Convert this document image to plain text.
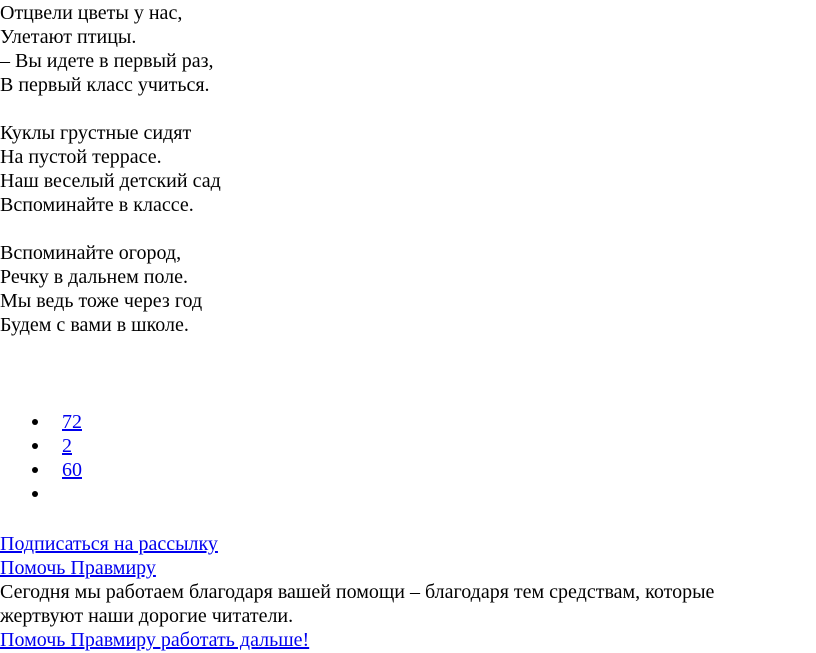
Отцвели цветы у нас,
Улетают птицы.
– Вы идете в первый раз,
В первый класс учиться.
Куклы грустные сидят
На пустой террасе.
Наш веселый детский сад
Вспоминайте в классе.
Вспоминайте огород,
Речку в дальнем поле.
Мы ведь тоже через год
Будем с вами в школе.
72
2
60
Подписаться на рассылку
Помочь Правмиру
Сегодня мы работаем благодаря вашей помощи – благодаря тем средствам, которые жертвуют наши дорогие читатели.
Помочь Правмиру работать дальше!
